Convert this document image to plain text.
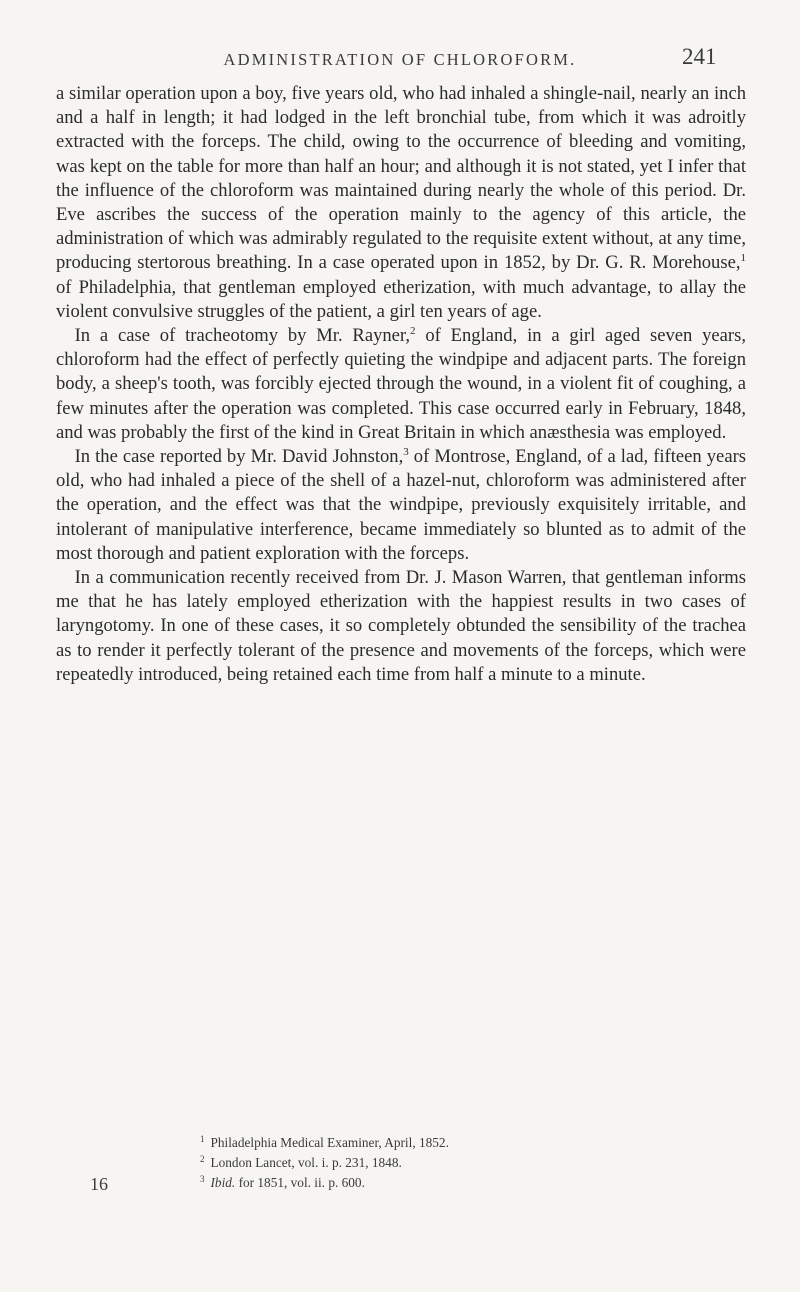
ADMINISTRATION OF CHLOROFORM.	241

a similar operation upon a boy, five years old, who had inhaled a shingle-nail, nearly an inch and a half in length; it had lodged in the left bronchial tube, from which it was adroitly extracted with the forceps. The child, owing to the occurrence of bleeding and vomiting, was kept on the table for more than half an hour; and although it is not stated, yet I infer that the influence of the chloroform was maintained during nearly the whole of this period. Dr. Eve ascribes the success of the operation mainly to the agency of this article, the administration of which was admirably regulated to the requisite extent without, at any time, producing stertorous breathing. In a case operated upon in 1852, by Dr. G. R. Morehouse,$^1$ of Philadelphia, that gentleman employed etherization, with much advantage, to allay the violent convulsive struggles of the patient, a girl ten years of age.

In a case of tracheotomy by Mr. Rayner,$^2$ of England, in a girl aged seven years, chloroform had the effect of perfectly quieting the windpipe and adjacent parts. The foreign body, a sheep's tooth, was forcibly ejected through the wound, in a violent fit of coughing, a few minutes after the operation was completed. This case occurred early in February, 1848, and was probably the first of the kind in Great Britain in which anæsthesia was employed.

In the case reported by Mr. David Johnston,$^3$ of Montrose, England, of a lad, fifteen years old, who had inhaled a piece of the shell of a hazel-nut, chloroform was administered after the operation, and the effect was that the windpipe, previously exquisitely irritable, and intolerant of manipulative interference, became immediately so blunted as to admit of the most thorough and patient exploration with the forceps.

In a communication recently received from Dr. J. Mason Warren, that gentleman informs me that he has lately employed etherization with the happiest results in two cases of laryngotomy. In one of these cases, it so completely obtunded the sensibility of the trachea as to render it perfectly tolerant of the presence and movements of the forceps, which were repeatedly introduced, being retained each time from half a minute to a minute.

$^1$ Philadelphia Medical Examiner, April, 1852.
$^2$ London Lancet, vol. i. p. 231, 1848.
$^3$ Ibid. for 1851, vol. ii. p. 600.
16
